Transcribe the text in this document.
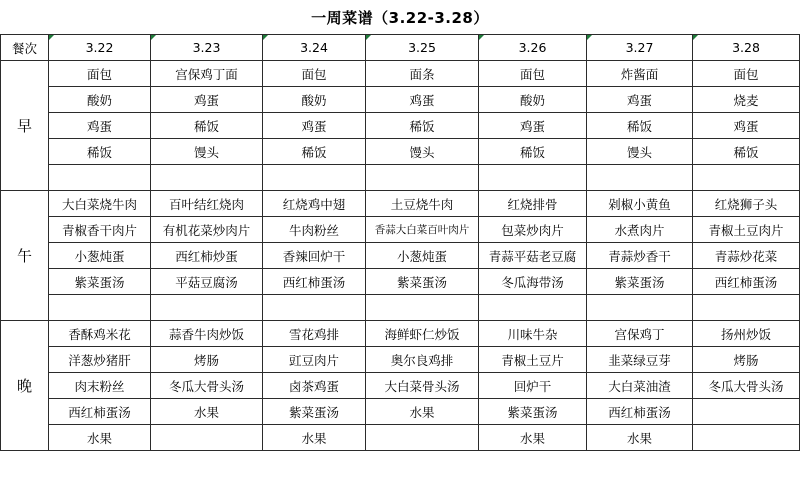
一周菜谱（3.22-3.28）
餐次	3.22	3.23	3.24	3.25	3.26	3.27	3.28

早	面包	宫保鸡丁面	面包	面条	面包	炸酱面	面包
	酸奶	鸡蛋	酸奶	鸡蛋	酸奶	鸡蛋	烧麦
	鸡蛋	稀饭	鸡蛋	稀饭	鸡蛋	稀饭	鸡蛋
	稀饭	馒头	稀饭	馒头	稀饭	馒头	稀饭

午	大白菜烧牛肉	百叶结红烧肉	红烧鸡中翅	土豆烧牛肉	红烧排骨	剁椒小黄鱼	红烧狮子头
	青椒香干肉片	有机花菜炒肉片	牛肉粉丝	香蒜大白菜百叶肉片	包菜炒肉片	水煮肉片	青椒土豆肉片
	小葱炖蛋	西红柿炒蛋	香辣回炉干	小葱炖蛋	青蒜平菇老豆腐	青蒜炒香干	青蒜炒花菜
	紫菜蛋汤	平菇豆腐汤	西红柿蛋汤	紫菜蛋汤	冬瓜海带汤	紫菜蛋汤	西红柿蛋汤

晚	香酥鸡米花	蒜香牛肉炒饭	雪花鸡排	海鲜虾仁炒饭	川味牛杂	宫保鸡丁	扬州炒饭
	洋葱炒猪肝	烤肠	豇豆肉片	奥尔良鸡排	青椒土豆片	韭菜绿豆芽	烤肠
	肉末粉丝	冬瓜大骨头汤	卤茶鸡蛋	大白菜骨头汤	回炉干	大白菜油渣	冬瓜大骨头汤
	西红柿蛋汤	水果	紫菜蛋汤	水果	紫菜蛋汤	西红柿蛋汤	
	水果		水果		水果	水果	
